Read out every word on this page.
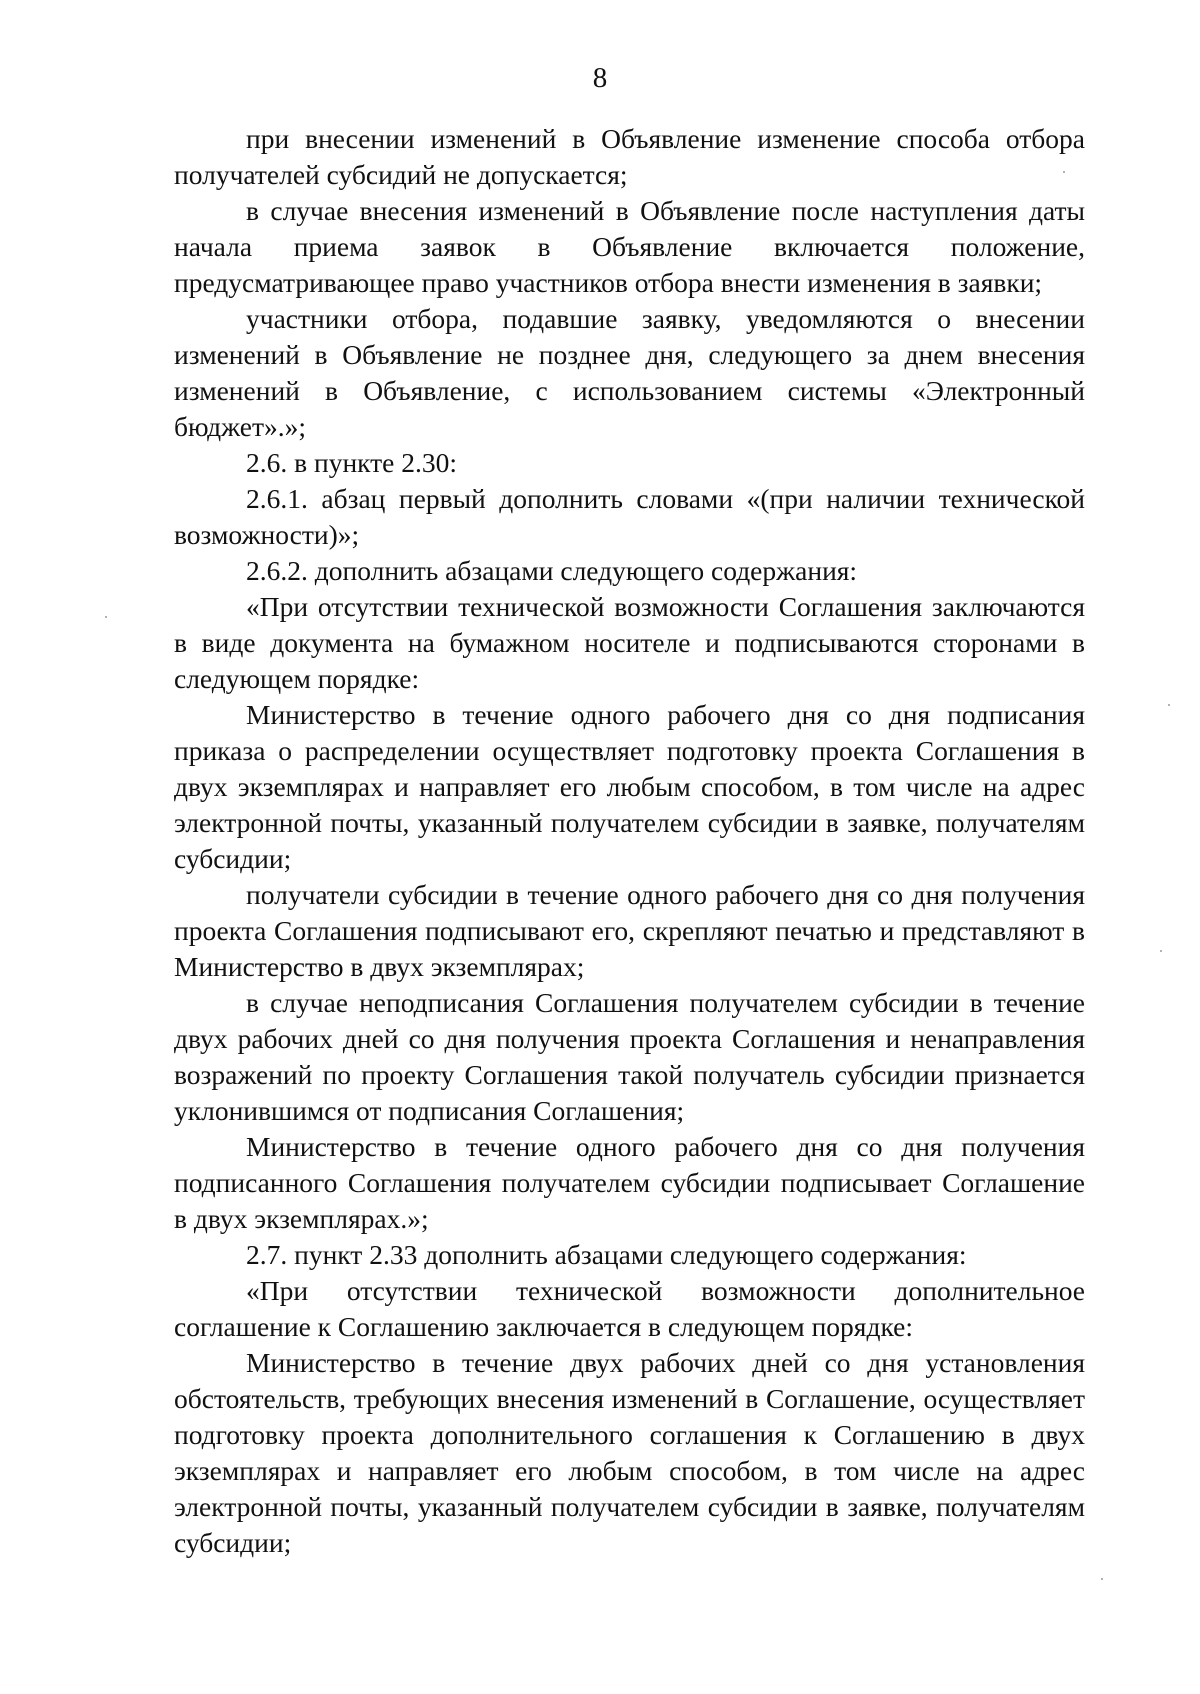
8

при внесении изменений в Объявление изменение способа отбора получателей субсидий не допускается;

в случае внесения изменений в Объявление после наступления даты начала приема заявок в Объявление включается положение, предусматривающее право участников отбора внести изменения в заявки;

участники отбора, подавшие заявку, уведомляются о внесении изменений в Объявление не позднее дня, следующего за днем внесения изменений в Объявление, с использованием системы «Электронный бюджет».»;

2.6. в пункте 2.30:

2.6.1. абзац первый дополнить словами «(при наличии технической возможности)»;

2.6.2. дополнить абзацами следующего содержания:

«При отсутствии технической возможности Соглашения заключаются в виде документа на бумажном носителе и подписываются сторонами в следующем порядке:

Министерство в течение одного рабочего дня со дня подписания приказа о распределении осуществляет подготовку проекта Соглашения в двух экземплярах и направляет его любым способом, в том числе на адрес электронной почты, указанный получателем субсидии в заявке, получателям субсидии;

получатели субсидии в течение одного рабочего дня со дня получения проекта Соглашения подписывают его, скрепляют печатью и представляют в Министерство в двух экземплярах;

в случае неподписания Соглашения получателем субсидии в течение двух рабочих дней со дня получения проекта Соглашения и ненаправления возражений по проекту Соглашения такой получатель субсидии признается уклонившимся от подписания Соглашения;

Министерство в течение одного рабочего дня со дня получения подписанного Соглашения получателем субсидии подписывает Соглашение в двух экземплярах.»;

2.7. пункт 2.33 дополнить абзацами следующего содержания:

«При отсутствии технической возможности дополнительное соглашение к Соглашению заключается в следующем порядке:

Министерство в течение двух рабочих дней со дня установления обстоятельств, требующих внесения изменений в Соглашение, осуществляет подготовку проекта дополнительного соглашения к Соглашению в двух экземплярах и направляет его любым способом, в том числе на адрес электронной почты, указанный получателем субсидии в заявке, получателям субсидии;
